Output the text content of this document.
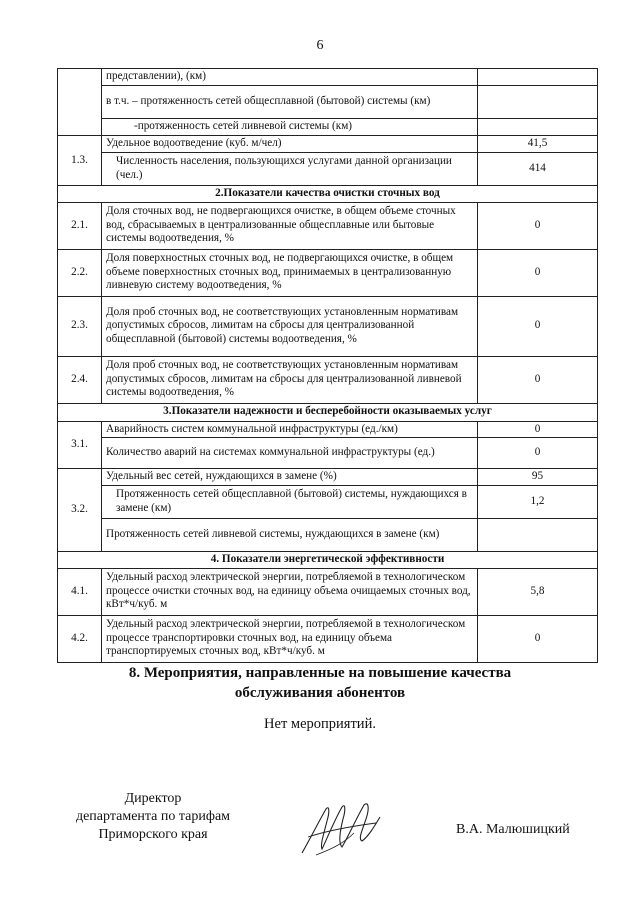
6
	представлении), (км)	
	в т.ч. – протяженность сетей общесплавной (бытовой) системы (км)	
	-протяженность сетей ливневой системы (км)	
1.3.	Удельное водоотведение (куб. м/чел)	41,5
	Численность населения, пользующихся услугами данной организации (чел.)	414
2.Показатели качества очистки сточных вод		
2.1.	Доля сточных вод, не подвергающихся очистке, в общем объеме сточных вод, сбрасываемых в централизованные общесплавные или бытовые системы водоотведения, %	0
2.2.	Доля поверхностных сточных вод, не подвергающихся очистке, в общем объеме поверхностных сточных вод, принимаемых в централизованную ливневую систему водоотведения, %	0
2.3.	Доля проб сточных вод, не соответствующих установленным нормативам допустимых сбросов, лимитам на сбросы для централизованной общесплавной (бытовой) системы водоотведения, %	0
2.4.	Доля проб сточных вод, не соответствующих установленным нормативам допустимых сбросов, лимитам на сбросы для централизованной ливневой системы водоотведения, %	0
3.Показатели надежности и бесперебойности оказываемых услуг		
3.1.	Аварийность систем коммунальной инфраструктуры (ед./км)	0
	Количество аварий на системах коммунальной инфраструктуры (ед.)	0
3.2.	Удельный вес сетей, нуждающихся в замене (%)	95
	Протяженность сетей общесплавной (бытовой) системы, нуждающихся в замене (км)	1,2
	Протяженность сетей ливневой системы, нуждающихся в замене (км)	
4. Показатели энергетической эффективности		
4.1.	Удельный расход электрической энергии, потребляемой в технологическом процессе очистки сточных вод, на единицу объема очищаемых сточных вод, кВт*ч/куб. м	5,8
4.2.	Удельный расход электрической энергии, потребляемой в технологическом процессе транспортировки сточных вод, на единицу объема транспортируемых сточных вод, кВт*ч/куб. м	0
8. Мероприятия, направленные на повышение качества
обслуживания абонентов
Нет мероприятий.
Директор
департамента по тарифам
Приморского края	В.А. Малюшицкий
